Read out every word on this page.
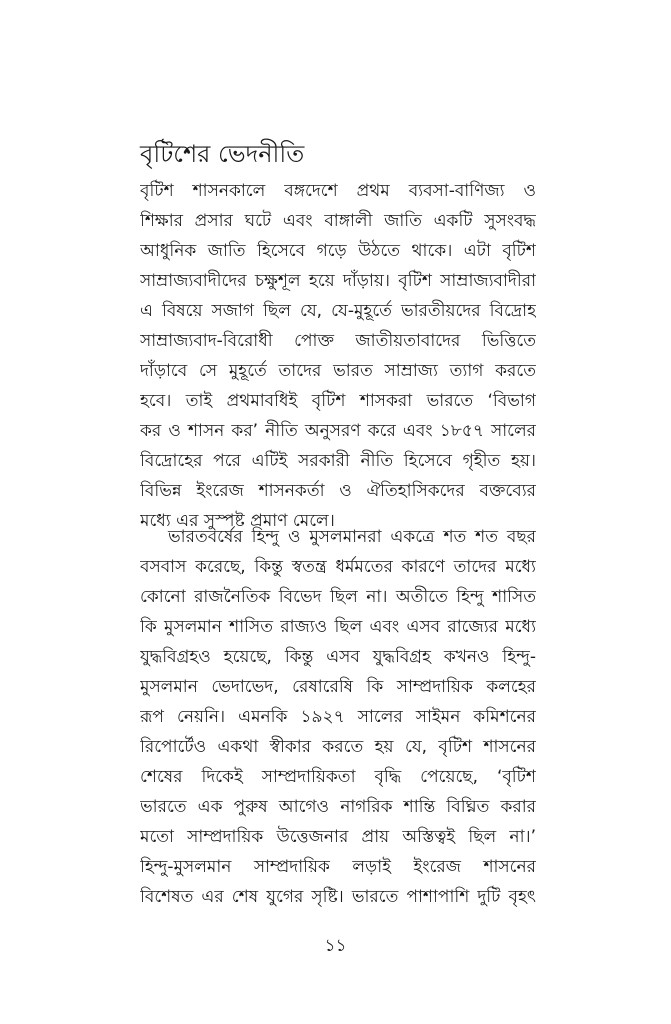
বৃটিশের ভেদনীতি
বৃটিশ শাসনকালে বঙ্গদেশে প্রথম ব্যবসা-বাণিজ্য ও
শিক্ষার প্রসার ঘটে এবং বাঙ্গালী জাতি একটি সুসংবদ্ধ
আধুনিক জাতি হিসেবে গড়ে উঠতে থাকে। এটা বৃটিশ
সাম্রাজ্যবাদীদের চক্ষুশূল হয়ে দাঁড়ায়। বৃটিশ সাম্রাজ্যবাদীরা
এ বিষয়ে সজাগ ছিল যে, যে-মুহূর্তে ভারতীয়দের বিদ্রোহ
সাম্রাজ্যবাদ-বিরোধী পোক্ত জাতীয়তাবাদের ভিত্তিতে
দাঁড়াবে সে মুহূর্তে তাদের ভারত সাম্রাজ্য ত্যাগ করতে
হবে। তাই প্রথমাবধিই বৃটিশ শাসকরা ভারতে ‘বিভাগ
কর ও শাসন কর’ নীতি অনুসরণ করে এবং ১৮৫৭ সালের
বিদ্রোহের পরে এটিই সরকারী নীতি হিসেবে গৃহীত হয়।
বিভিন্ন ইংরেজ শাসনকর্তা ও ঐতিহাসিকদের বক্তব্যের
মধ্যে এর সুস্পষ্ট প্রমাণ মেলে।
ভারতবর্ষের হিন্দু ও মুসলমানরা একত্রে শত শত বছর
বসবাস করেছে, কিন্তু স্বতন্ত্র ধর্মমতের কারণে তাদের মধ্যে
কোনো রাজনৈতিক বিভেদ ছিল না। অতীতে হিন্দু শাসিত
কি মুসলমান শাসিত রাজ্যও ছিল এবং এসব রাজ্যের মধ্যে
যুদ্ধবিগ্রহও হয়েছে, কিন্তু এসব যুদ্ধবিগ্রহ কখনও হিন্দু-
মুসলমান ভেদাভেদ, রেষারেষি কি সাম্প্রদায়িক কলহের
রূপ নেয়নি। এমনকি ১৯২৭ সালের সাইমন কমিশনের
রিপোর্টেও একথা স্বীকার করতে হয় যে, বৃটিশ শাসনের
শেষের দিকেই সাম্প্রদায়িকতা বৃদ্ধি পেয়েছে, ‘বৃটিশ
ভারতে এক পুরুষ আগেও নাগরিক শান্তি বিঘ্নিত করার
মতো সাম্প্রদায়িক উত্তেজনার প্রায় অস্তিত্বই ছিল না।’
হিন্দু-মুসলমান সাম্প্রদায়িক লড়াই ইংরেজ শাসনের
বিশেষত এর শেষ যুগের সৃষ্টি। ভারতে পাশাপাশি দুটি বৃহৎ
১১
